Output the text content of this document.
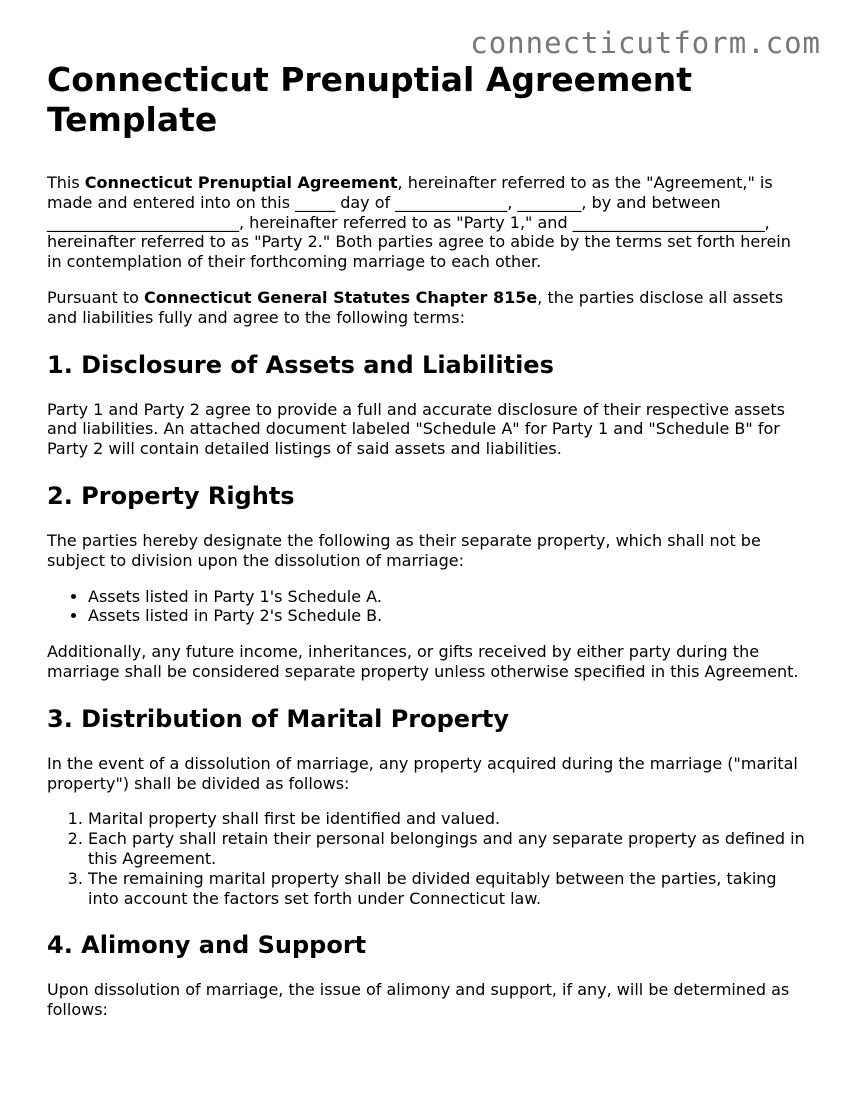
connecticutform.com
Connecticut Prenuptial Agreement Template

This Connecticut Prenuptial Agreement, hereinafter referred to as the "Agreement," is made and entered into on this _____ day of ______________, ________, by and between ________________________, hereinafter referred to as "Party 1," and ________________________, hereinafter referred to as "Party 2." Both parties agree to abide by the terms set forth herein in contemplation of their forthcoming marriage to each other.

Pursuant to Connecticut General Statutes Chapter 815e, the parties disclose all assets and liabilities fully and agree to the following terms:

1. Disclosure of Assets and Liabilities

Party 1 and Party 2 agree to provide a full and accurate disclosure of their respective assets and liabilities. An attached document labeled "Schedule A" for Party 1 and "Schedule B" for Party 2 will contain detailed listings of said assets and liabilities.

2. Property Rights

The parties hereby designate the following as their separate property, which shall not be subject to division upon the dissolution of marriage:

• Assets listed in Party 1's Schedule A.
• Assets listed in Party 2's Schedule B.

Additionally, any future income, inheritances, or gifts received by either party during the marriage shall be considered separate property unless otherwise specified in this Agreement.

3. Distribution of Marital Property

In the event of a dissolution of marriage, any property acquired during the marriage ("marital property") shall be divided as follows:

1. Marital property shall first be identified and valued.
2. Each party shall retain their personal belongings and any separate property as defined in this Agreement.
3. The remaining marital property shall be divided equitably between the parties, taking into account the factors set forth under Connecticut law.
4. Alimony and Support

Upon dissolution of marriage, the issue of alimony and support, if any, will be determined as follows:
